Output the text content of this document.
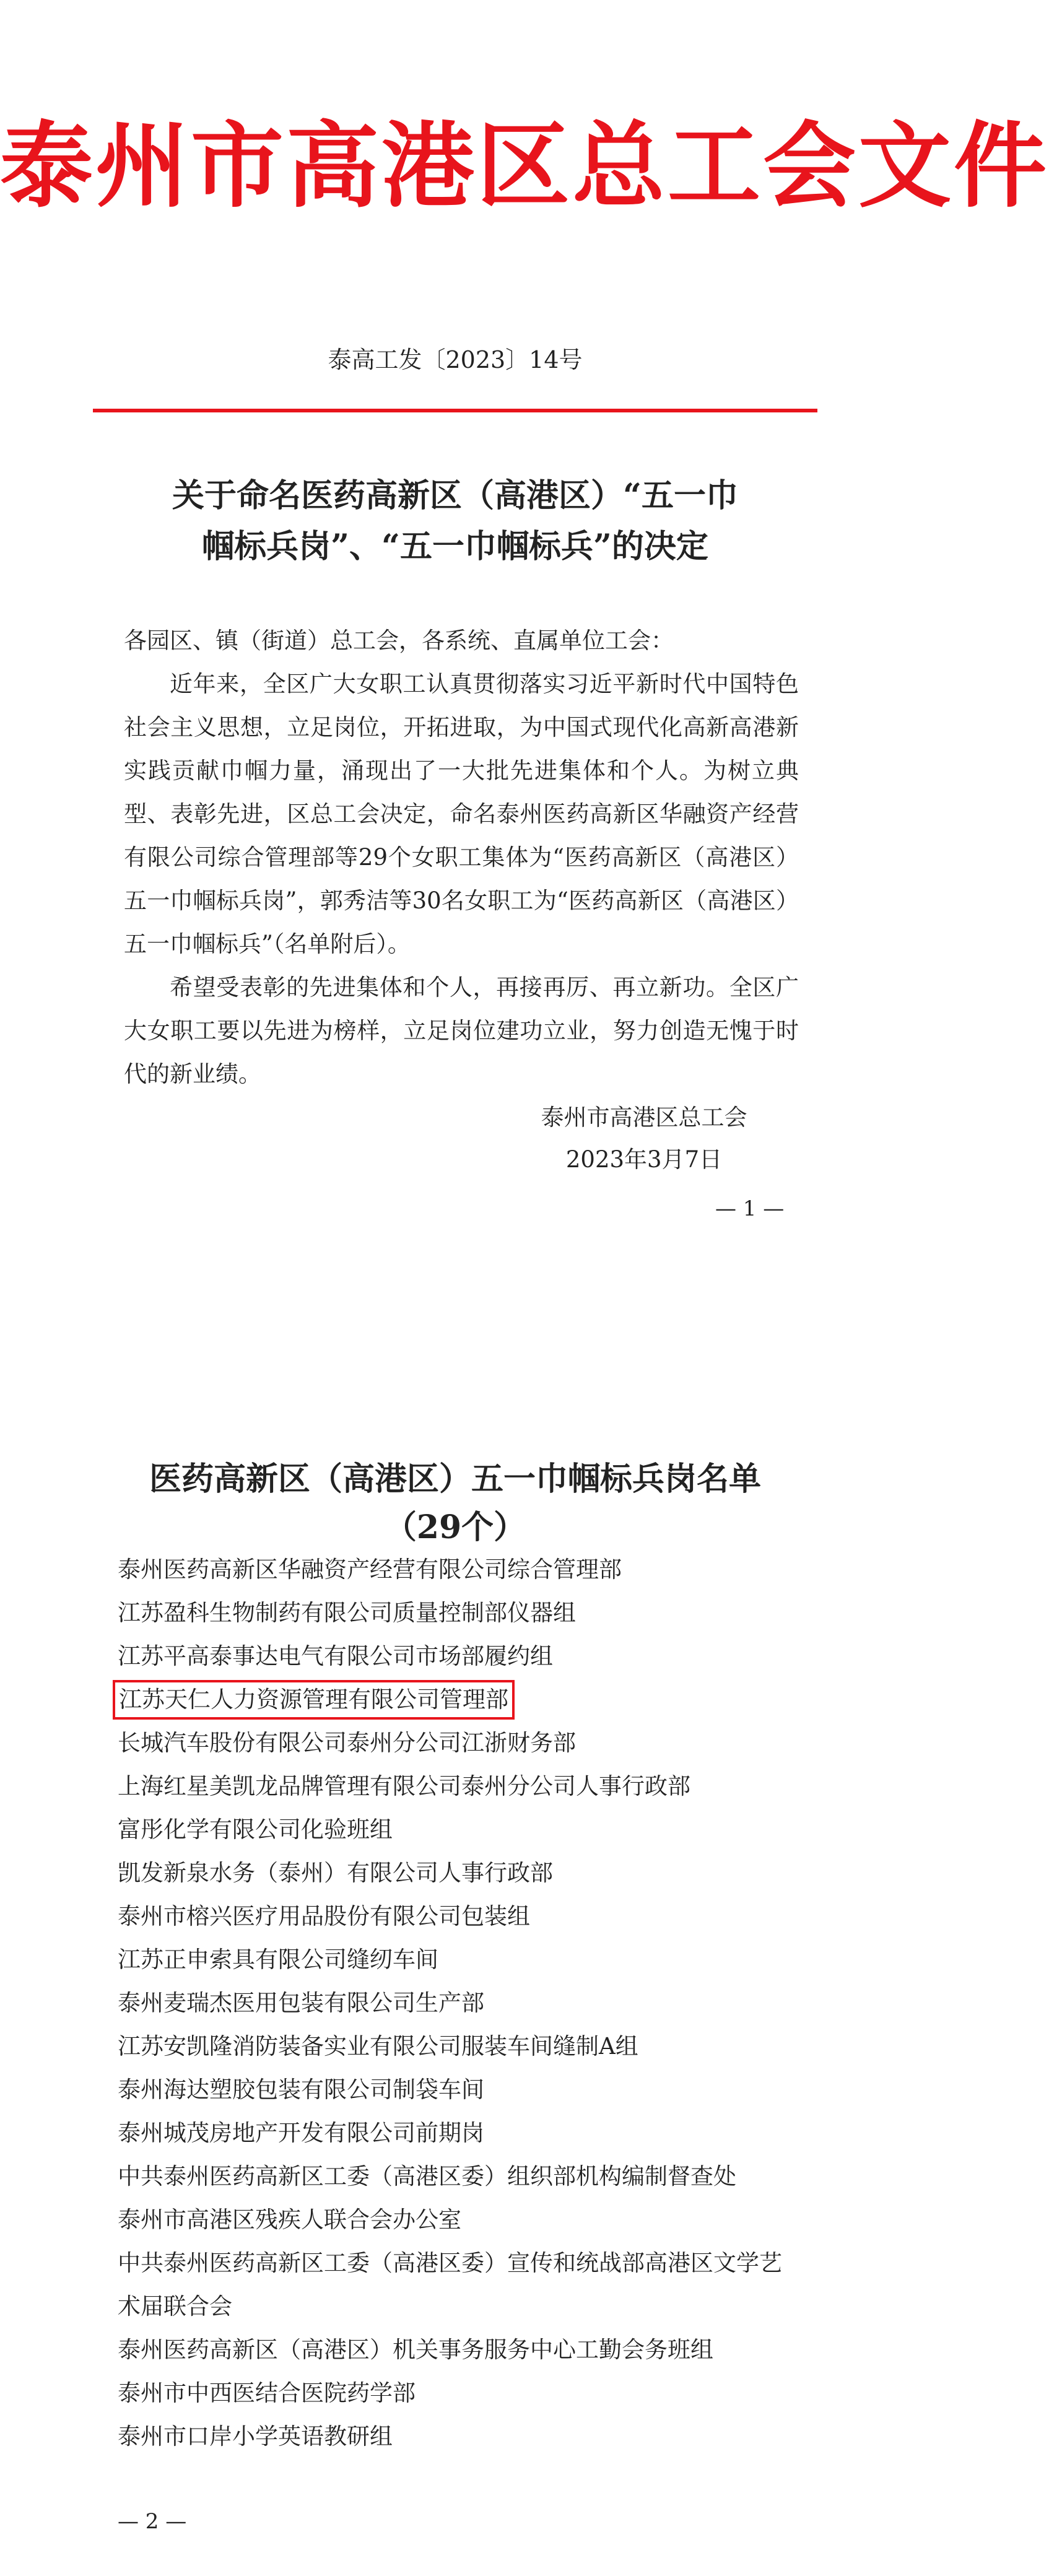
泰州市高港区总工会文件
泰高工发〔2023〕14号
关于命名医药高新区（高港区）“五一巾
帼标兵岗”、“五一巾帼标兵”的决定

各园区、镇（街道）总工会，各系统、直属单位工会：

近年来，全区广大女职工认真贯彻落实习近平新时代中国特色社会主义思想，立足岗位，开拓进取，为中国式现代化高新高港新实践贡献巾帼力量，涌现出了一大批先进集体和个人。为树立典型、表彰先进，区总工会决定，命名泰州医药高新区华融资产经营有限公司综合管理部等29个女职工集体为“医药高新区（高港区）五一巾帼标兵岗”，郭秀洁等30名女职工为“医药高新区（高港区）五一巾帼标兵”（名单附后）。

希望受表彰的先进集体和个人，再接再厉、再立新功。全区广大女职工要以先进为榜样，立足岗位建功立业，努力创造无愧于时代的新业绩。

泰州市高港区总工会
2023年3月7日
— 1 —
医药高新区（高港区）五一巾帼标兵岗名单
（29个）
泰州医药高新区华融资产经营有限公司综合管理部
江苏盈科生物制药有限公司质量控制部仪器组
江苏平高泰事达电气有限公司市场部履约组
江苏天仁人力资源管理有限公司管理部
长城汽车股份有限公司泰州分公司江浙财务部
上海红星美凯龙品牌管理有限公司泰州分公司人事行政部
富彤化学有限公司化验班组
凯发新泉水务（泰州）有限公司人事行政部
泰州市榕兴医疗用品股份有限公司包装组
江苏正申索具有限公司缝纫车间
泰州麦瑞杰医用包装有限公司生产部
江苏安凯隆消防装备实业有限公司服装车间缝制A组
泰州海达塑胶包装有限公司制袋车间
泰州城茂房地产开发有限公司前期岗
中共泰州医药高新区工委（高港区委）组织部机构编制督查处
泰州市高港区残疾人联合会办公室
中共泰州医药高新区工委（高港区委）宣传和统战部高港区文学艺术届联合会
泰州医药高新区（高港区）机关事务服务中心工勤会务班组
泰州市中西医结合医院药学部
泰州市口岸小学英语教研组
— 2 —
